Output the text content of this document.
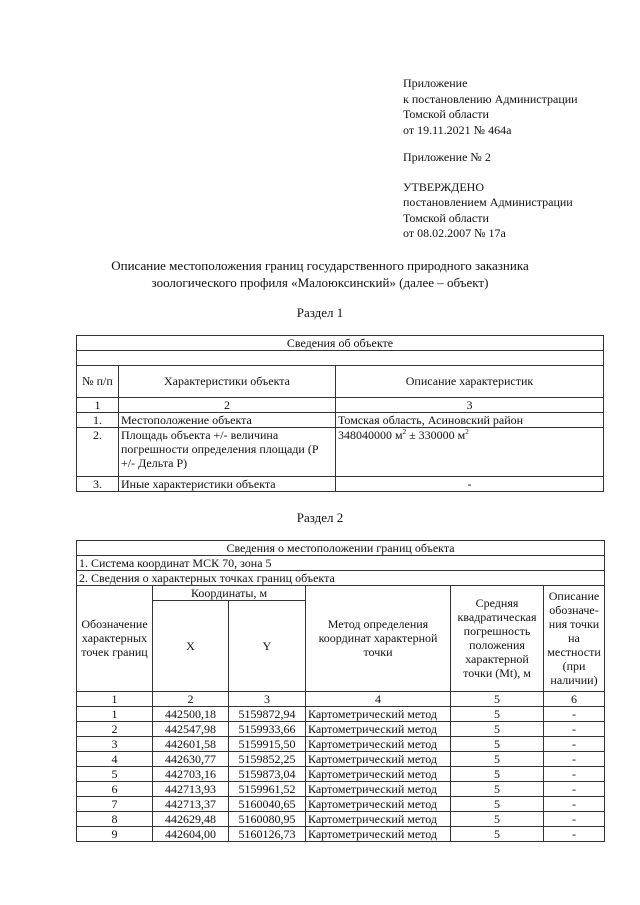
Приложение
к постановлению Администрации
Томской области
от 19.11.2021 № 464а
Приложение № 2
УТВЕРЖДЕНО
постановлением Администрации
Томской области
от 08.02.2007 № 17а
Описание местоположения границ государственного природного заказника
зоологического профиля «Малоюксинский» (далее – объект)
Раздел 1
Сведения об объекте		

№ п/п	Характеристики объекта	Описание характеристик
1	2	3
1.	Местоположение объекта	Томская область, Асиновский район
2.	Площадь объекта +/- величина погрешности определения площади (Р +/- Дельта Р)	348040000 $м^2 \pm 330000$ $м^2$
3.	Иные характеристики объекта	-
Раздел 2
Сведения о местоположении границ объекта					
1. Система координат МСК 70, зона 5					
2. Сведения о характерных точках границ объекта					
Обозначение характерных точек границ	Координаты, м		Метод определения координат характерной точки	Средняя квадратическая погрешность положения характерной точки (Mt), м	Описание обозначе-ния точки на местности (при наличии)
	X	Y			
1	2	3	4	5	6
1	442500,18	5159872,94	Картометрический метод	5	-
2	442547,98	5159933,66	Картометрический метод	5	-
3	442601,58	5159915,50	Картометрический метод	5	-
4	442630,77	5159852,25	Картометрический метод	5	-
5	442703,16	5159873,04	Картометрический метод	5	-
6	442713,93	5159961,52	Картометрический метод	5	-
7	442713,37	5160040,65	Картометрический метод	5	-
8	442629,48	5160080,95	Картометрический метод	5	-
9	442604,00	5160126,73	Картометрический метод	5	-
